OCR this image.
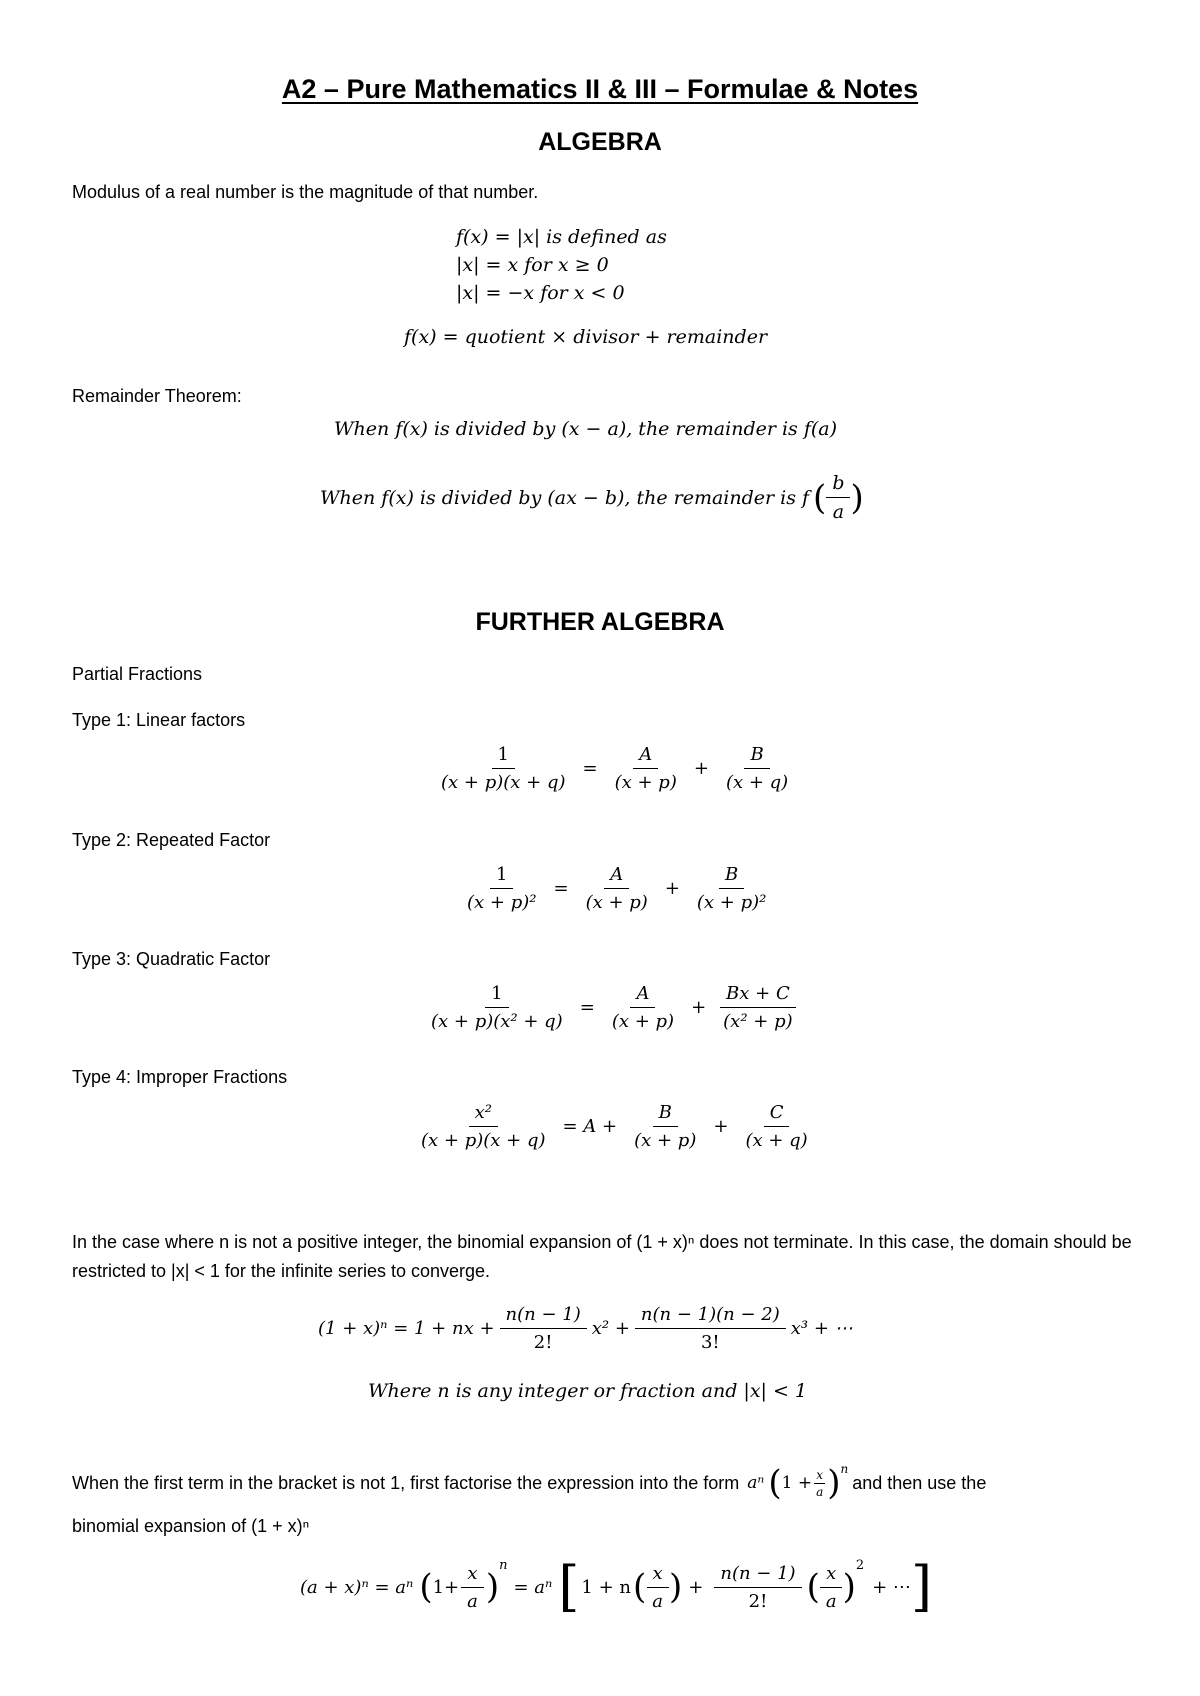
A2 – Pure Mathematics II & III – Formulae & Notes
ALGEBRA
Modulus of a real number is the magnitude of that number.
f(x) = |x| is defined as
|x| = x for x ≥ 0
|x| = −x for x < 0
f(x) = quotient × divisor + remainder
Remainder Theorem:
When f(x) is divided by (x − a), the remainder is f(a)
When f(x) is divided by (ax − b), the remainder is f ( $\frac{b}{a}$ )
FURTHER ALGEBRA
Partial Fractions
Type 1: Linear factors
$\frac{1}{(x + p)(x + q)} = \frac{A}{(x + p)} + \frac{B}{(x + q)}$
Type 2: Repeated Factor
$\frac{1}{\text{(x + p)²}} = \frac{A}{(x + p)} + \frac{B}{\text{(x + p)²}}$
Type 3: Quadratic Factor
$\frac{1}{\text{(x + p)(x² + q)}} = \frac{A}{(x + p)} + \frac{Bx + C}{\text{(x² + p)}}$
Type 4: Improper Fractions
$\frac{\text{x²}}{(x + p)(x + q)} = A + \frac{B}{(x + p)} + \frac{C}{(x + q)}$
In the case where n is not a positive integer, the binomial expansion of (1 + x)ⁿ does not terminate. In this case, the domain should be restricted to |x| < 1 for the infinite series to converge.
(1 + x)ⁿ = 1 + nx + $\frac{n(n - 1)}{2!} x^2 + \frac{n(n - 1)(n - 2)}{3!} x^3$ + ⋯
Where n is any integer or fraction and |x| < 1
When the first term in the bracket is not 1, first factorise the expression into the form aⁿ ( $1 + \frac{x}{a}$ ) n
and then use the
binomial expansion of (1 + x)ⁿ
(a + x)ⁿ = aⁿ ( $1+ \frac{x}{a}$ )
n
= aⁿ [ 1 + n ( $\frac{x}{a}$ ) + $\frac{n(n - 1)}{2!}$ ( $\frac{x}{a}$ )
2
+ ⋯ ]
